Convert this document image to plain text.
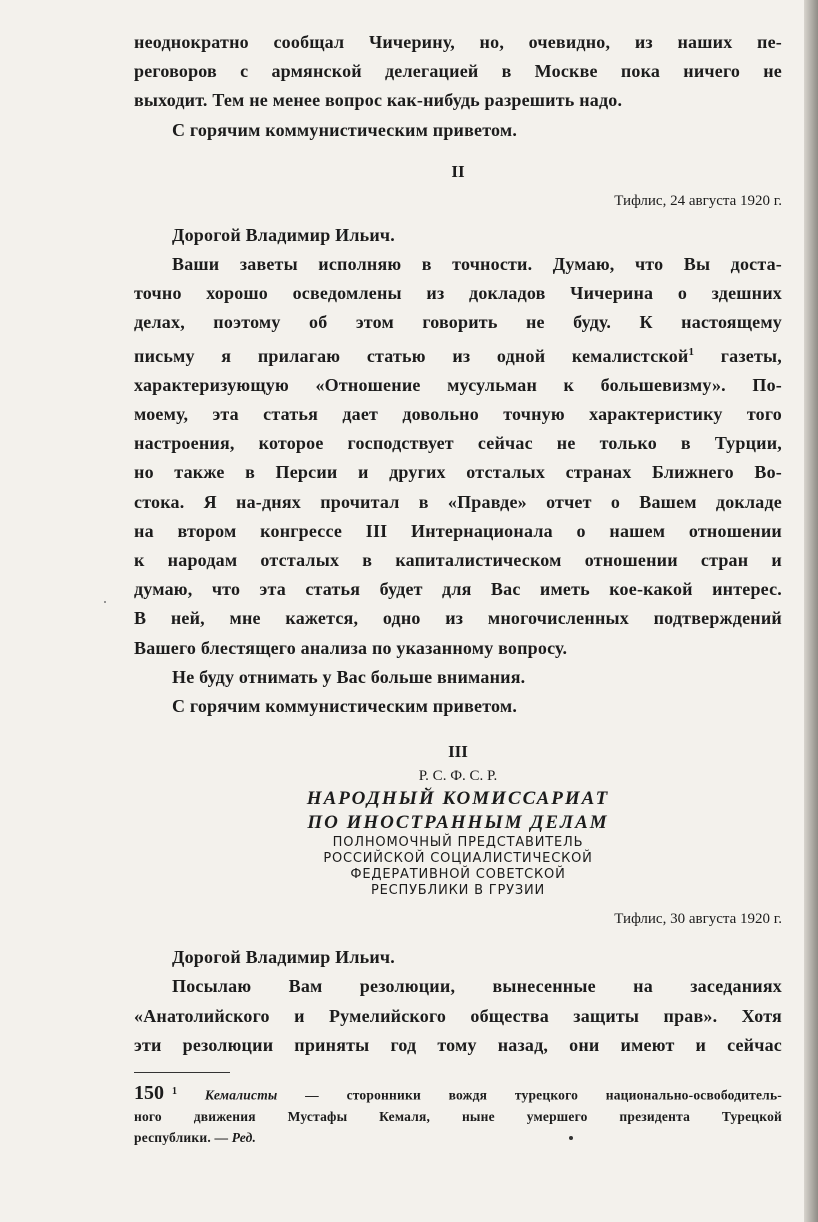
неоднократно сообщал Чичерину, но, очевидно, из наших пе-

реговоров с армянской делегацией в Москве пока ничего не

выходит. Тем не менее вопрос как-нибудь разрешить надо.

С горячим коммунистическим приветом.

II

Тифлис, 24 августа 1920 г.

Дорогой Владимир Ильич.

Ваши заветы исполняю в точности. Думаю, что Вы доста-

точно хорошо осведомлены из докладов Чичерина о здешних

делах, поэтому об этом говорить не буду. К настоящему

письму я прилагаю статью из одной кемалистской$^1$ газеты,

характеризующую «Отношение мусульман к большевизму». По-

моему, эта статья дает довольно точную характеристику того

настроения, которое господствует сейчас не только в Турции,

но также в Персии и других отсталых странах Ближнего Во-

стока. Я на-днях прочитал в «Правде» отчет о Вашем докладе

на втором конгрессе III Интернационала о нашем отношении

к народам отсталых в капиталистическом отношении стран и

думаю, что эта статья будет для Вас иметь кое-какой интерес.

В ней, мне кажется, одно из многочисленных подтверждений

Вашего блестящего анализа по указанному вопросу.

Не буду отнимать у Вас больше внимания.

С горячим коммунистическим приветом.

III

Р. С. Ф. С. Р.

НАРОДНЫЙ КОМИССАРИАТ

ПО ИНОСТРАННЫМ ДЕЛАМ

ПОЛНОМОЧНЫЙ ПРЕДСТАВИТЕЛЬ

РОССИЙСКОЙ СОЦИАЛИСТИЧЕСКОЙ

ФЕДЕРАТИВНОЙ СОВЕТСКОЙ

РЕСПУБЛИКИ В ГРУЗИИ

Тифлис, 30 августа 1920 г.

Дорогой Владимир Ильич.

Посылаю Вам резолюции, вынесенные на заседаниях

«Анатолийского и Румелийского общества защиты прав». Хотя

эти резолюции приняты год тому назад, они имеют и сейчас

$^1$ Кемалисты — сторонники вождя турецкого национально-освободитель-

ного движения Мустафы Кемаля, ныне умершего президента Турецкой

республики. — Ред.

150
